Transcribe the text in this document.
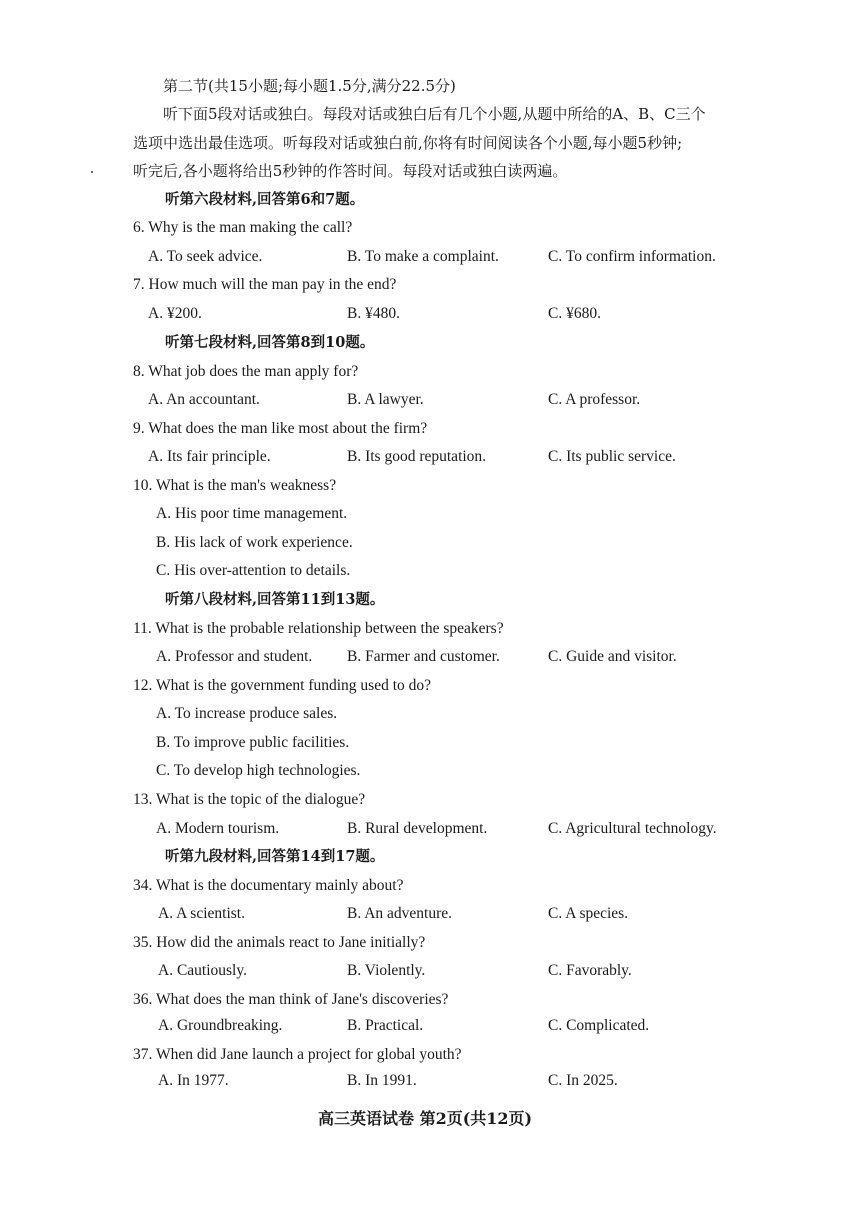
第二节(共15小题;每小题1.5分,满分22.5分)
听下面5段对话或独白。每段对话或独白后有几个小题,从题中所给的A、B、C三个
选项中选出最佳选项。听每段对话或独白前,你将有时间阅读各个小题,每小题5秒钟;
听完后,各小题将给出5秒钟的作答时间。每段对话或独白读两遍。
听第六段材料,回答第6和7题。
6. Why is the man making the call?
A. To seek advice.	B. To make a complaint.	C. To confirm information.
7. How much will the man pay in the end?
A. ¥200.	B. ¥480.	C. ¥680.
听第七段材料,回答第8到10题。
8. What job does the man apply for?
A. An accountant.	B. A lawyer.	C. A professor.
9. What does the man like most about the firm?
A. Its fair principle.	B. Its good reputation.	C. Its public service.
10. What is the man's weakness?
A. His poor time management.
B. His lack of work experience.
C. His over-attention to details.
听第八段材料,回答第11到13题。
11. What is the probable relationship between the speakers?
A. Professor and student. B. Farmer and customer.	C. Guide and visitor.
12. What is the government funding used to do?
A. To increase produce sales.
B. To improve public facilities.
C. To develop high technologies.
13. What is the topic of the dialogue?
A. Modern tourism.	B. Rural development.	C. Agricultural technology.
听第九段材料,回答第14到17题。
34. What is the documentary mainly about?
A. A scientist.	B. An adventure.	C. A species.
35. How did the animals react to Jane initially?
A. Cautiously.	B. Violently.	C. Favorably.
36. What does the man think of Jane's discoveries?
A. Groundbreaking.	B. Practical.	C. Complicated.
37. When did Jane launch a project for global youth?
A. In 1977.	B. In 1991.	C. In 2025.
高三英语试卷 第2页(共12页)
